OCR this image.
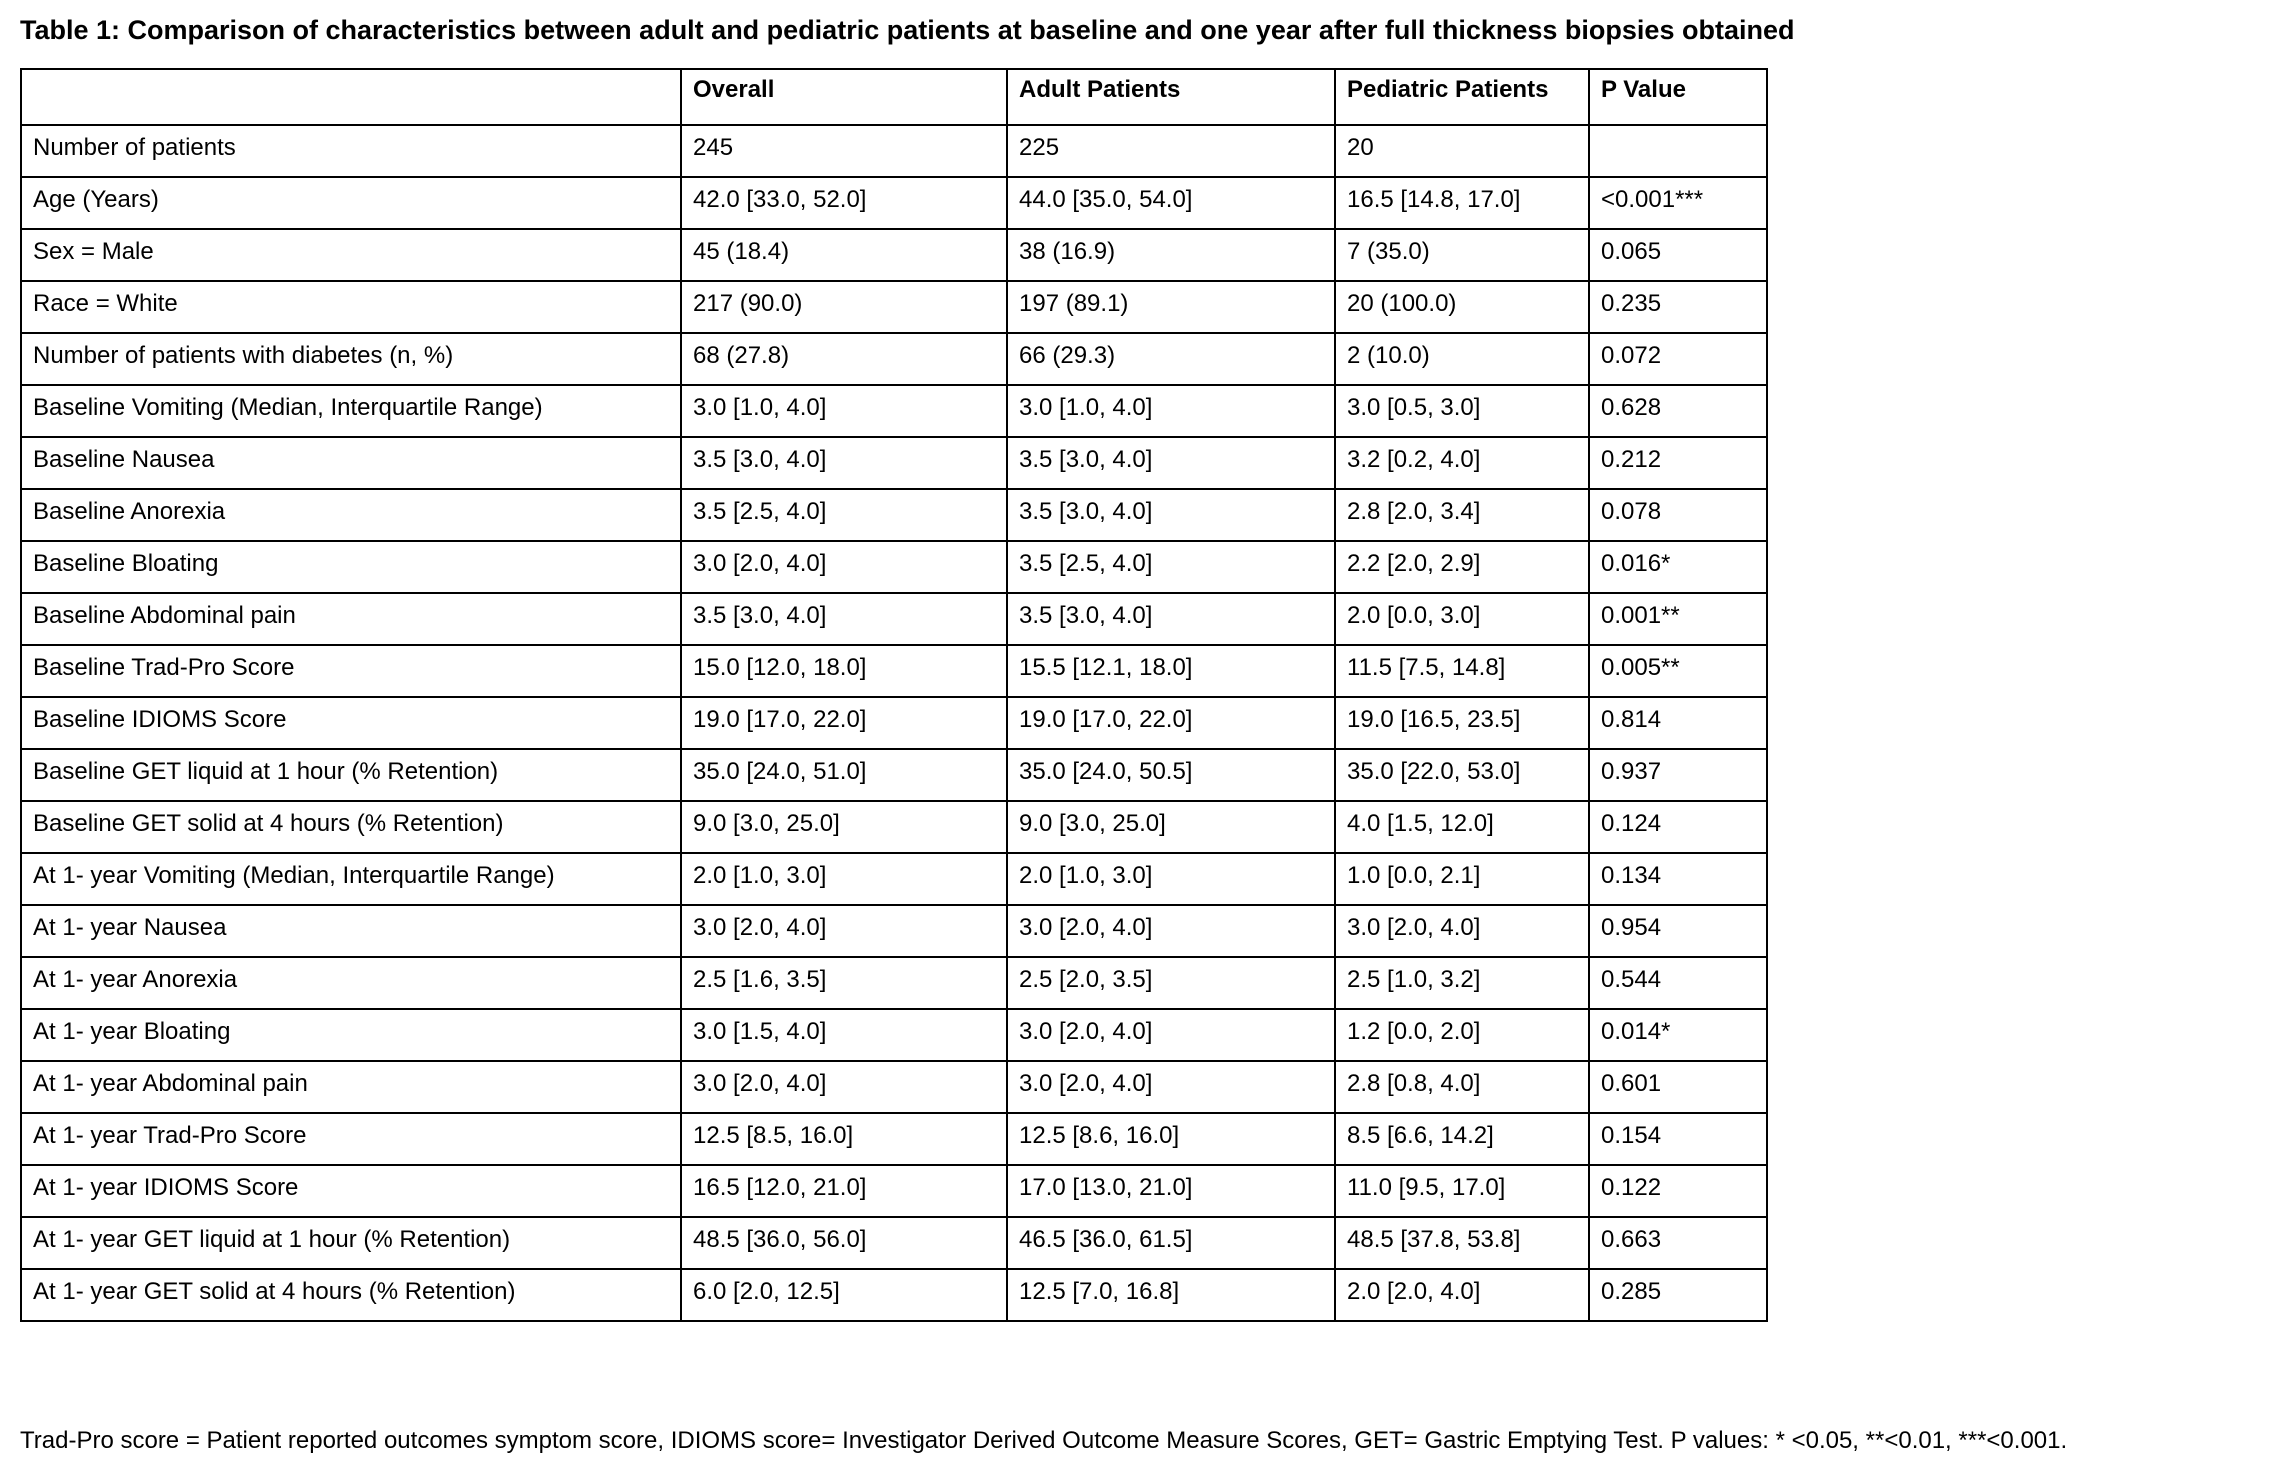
Table 1: Comparison of characteristics between adult and pediatric patients at baseline and one year after full thickness biopsies obtained
	Overall	Adult Patients	Pediatric Patients	P Value
Number of patients	245	225	20	
Age (Years)	42.0 [33.0, 52.0]	44.0 [35.0, 54.0]	16.5 [14.8, 17.0]	<0.001***
Sex = Male	45 (18.4)	38 (16.9)	7 (35.0)	0.065
Race = White	217 (90.0)	197 (89.1)	20 (100.0)	0.235
Number of patients with diabetes (n, %)	68 (27.8)	66 (29.3)	2 (10.0)	0.072
Baseline Vomiting (Median, Interquartile Range)	3.0 [1.0, 4.0]	3.0 [1.0, 4.0]	3.0 [0.5, 3.0]	0.628
Baseline Nausea	3.5 [3.0, 4.0]	3.5 [3.0, 4.0]	3.2 [0.2, 4.0]	0.212
Baseline Anorexia	3.5 [2.5, 4.0]	3.5 [3.0, 4.0]	2.8 [2.0, 3.4]	0.078
Baseline Bloating	3.0 [2.0, 4.0]	3.5 [2.5, 4.0]	2.2 [2.0, 2.9]	0.016*
Baseline Abdominal pain	3.5 [3.0, 4.0]	3.5 [3.0, 4.0]	2.0 [0.0, 3.0]	0.001**
Baseline Trad-Pro Score	15.0 [12.0, 18.0]	15.5 [12.1, 18.0]	11.5 [7.5, 14.8]	0.005**
Baseline IDIOMS Score	19.0 [17.0, 22.0]	19.0 [17.0, 22.0]	19.0 [16.5, 23.5]	0.814
Baseline GET liquid at 1 hour (% Retention)	35.0 [24.0, 51.0]	35.0 [24.0, 50.5]	35.0 [22.0, 53.0]	0.937
Baseline GET solid at 4 hours (% Retention)	9.0 [3.0, 25.0]	9.0 [3.0, 25.0]	4.0 [1.5, 12.0]	0.124
At 1- year Vomiting (Median, Interquartile Range)	2.0 [1.0, 3.0]	2.0 [1.0, 3.0]	1.0 [0.0, 2.1]	0.134
At 1- year Nausea	3.0 [2.0, 4.0]	3.0 [2.0, 4.0]	3.0 [2.0, 4.0]	0.954
At 1- year Anorexia	2.5 [1.6, 3.5]	2.5 [2.0, 3.5]	2.5 [1.0, 3.2]	0.544
At 1- year Bloating	3.0 [1.5, 4.0]	3.0 [2.0, 4.0]	1.2 [0.0, 2.0]	0.014*
At 1- year Abdominal pain	3.0 [2.0, 4.0]	3.0 [2.0, 4.0]	2.8 [0.8, 4.0]	0.601
At 1- year Trad-Pro Score	12.5 [8.5, 16.0]	12.5 [8.6, 16.0]	8.5 [6.6, 14.2]	0.154
At 1- year IDIOMS Score	16.5 [12.0, 21.0]	17.0 [13.0, 21.0]	11.0 [9.5, 17.0]	0.122
At 1- year GET liquid at 1 hour (% Retention)	48.5 [36.0, 56.0]	46.5 [36.0, 61.5]	48.5 [37.8, 53.8]	0.663
At 1- year GET solid at 4 hours (% Retention)	6.0 [2.0, 12.5]	12.5 [7.0, 16.8]	2.0 [2.0, 4.0]	0.285
Trad-Pro score = Patient reported outcomes symptom score, IDIOMS score= Investigator Derived Outcome Measure Scores, GET= Gastric Emptying Test. P values: * <0.05, **<0.01, ***<0.001.
